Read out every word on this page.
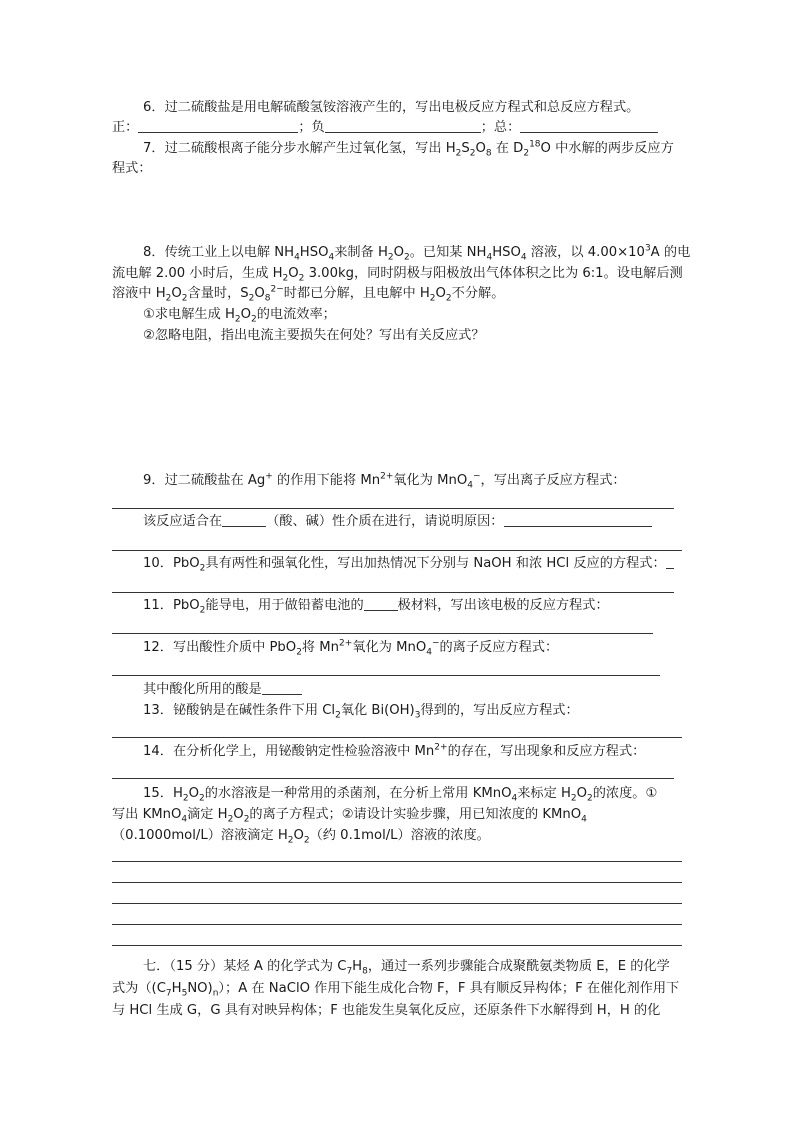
6．过二硫酸盐是用电解硫酸氢铵溶液产生的，写出电极反应方程式和总反应方程式。
正：	；负	；总：
7．过二硫酸根离子能分步水解产生过氧化氢，写出 $H_2S_2O_8$ 在 $D_2^{18}O$ 中水解的两步反应方
程式：
8．传统工业上以电解 $NH_4HSO_4$来制备 $H_2O_2$。已知某 $NH_4HSO_4$ 溶液，以 $4.00\times 10^3A$ 的电
流电解 2.00 小时后，生成 $H_2O_2$ 3.00kg，同时阴极与阳极放出气体体积之比为 6:1。设电解后测
溶液中 $H_2O_2$含量时，$S_2O_8^{2-}$时都已分解，且电解中 $H_2O_2$不分解。
①求电解生成 $H_2O_2$的电流效率；
②忽略电阻，指出电流主要损失在何处？写出有关反应式？
9．过二硫酸盐在 Ag+ 的作用下能将 $Mn^{2+}$氧化为 MnO$_4$−，写出离子反应方程式：
该反应适合在	（酸、碱）性介质在进行，请说明原因：
10．PbO$_2$具有两性和强氧化性，写出加热情况下分别与 NaOH 和浓 HCl 反应的方程式：
11．PbO$_2$能导电，用于做铅蓄电池的	极材料，写出该电极的反应方程式：
12．写出酸性介质中 PbO$_2$将 $Mn^{2+}$氧化为 MnO$_4$−的离子反应方程式：
其中酸化所用的酸是
13．铋酸钠是在碱性条件下用 $Cl_2$氧化 $Bi(OH)_3$得到的，写出反应方程式：
14．在分析化学上，用铋酸钠定性检验溶液中 $Mn^{2+}$的存在，写出现象和反应方程式：
15．$H_2O_2$的水溶液是一种常用的杀菌剂，在分析上常用 KMnO$_4$来标定 $H_2O_2$的浓度。①
写出 KMnO$_4$滴定 $H_2O_2$的离子方程式；②请设计实验步骤，用已知浓度的 KMnO$_4$
（0.1000mol/L）溶液滴定 $H_2O_2$（约 0.1mol/L）溶液的浓度。
七．（15 分）某烃 A 的化学式为 $C_7H_8$，通过一系列步骤能合成聚酰氨类物质 E，E 的化学
式为$((C_7H_5NO)_n)$；A 在 NaClO 作用下能生成化合物 F，F 具有顺反异构体；F 在催化剂作用下
与 HCl 生成 G，G 具有对映异构体；F 也能发生臭氧化反应，还原条件下水解得到 H，H 的化
